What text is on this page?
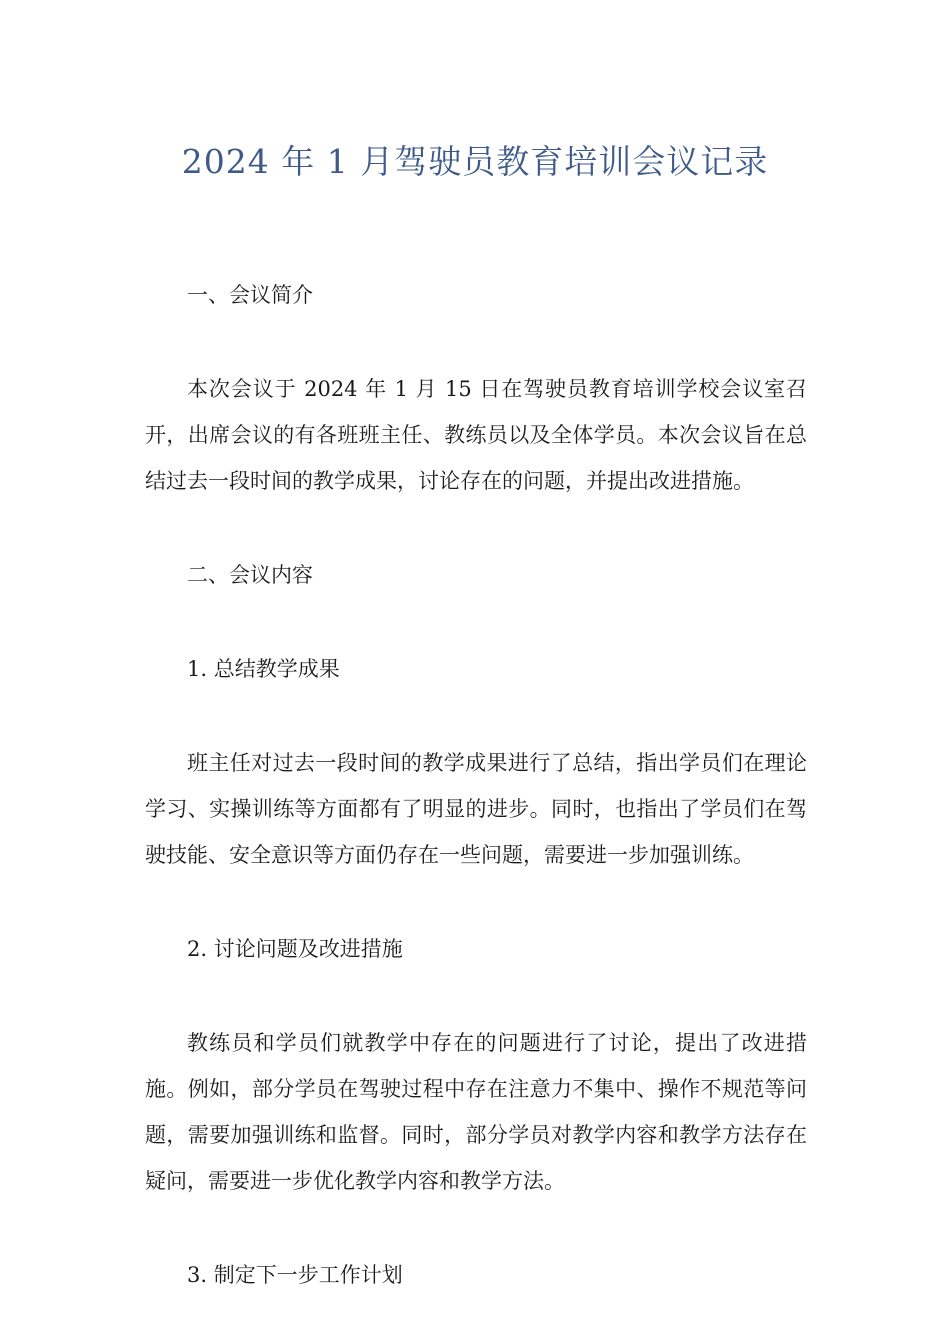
2024 年 1 月驾驶员教育培训会议记录

一、会议简介

本次会议于 2024 年 1 月 15 日在驾驶员教育培训学校会议室召开，出席会议的有各班班主任、教练员以及全体学员。本次会议旨在总结过去一段时间的教学成果，讨论存在的问题，并提出改进措施。

二、会议内容

1. 总结教学成果

班主任对过去一段时间的教学成果进行了总结，指出学员们在理论学习、实操训练等方面都有了明显的进步。同时，也指出了学员们在驾驶技能、安全意识等方面仍存在一些问题，需要进一步加强训练。

2. 讨论问题及改进措施

教练员和学员们就教学中存在的问题进行了讨论，提出了改进措施。例如，部分学员在驾驶过程中存在注意力不集中、操作不规范等问题，需要加强训练和监督。同时，部分学员对教学内容和教学方法存在疑问，需要进一步优化教学内容和教学方法。

3. 制定下一步工作计划
